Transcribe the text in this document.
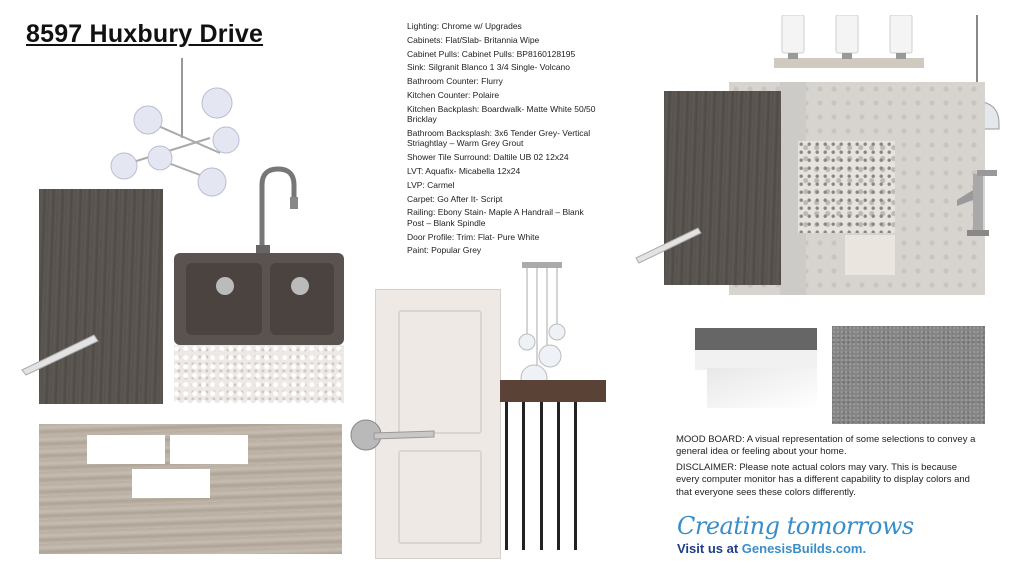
8597 Huxbury Drive	Lighting: Chrome w/ Upgrades
Cabinets: Flat/Slab- Britannia Wipe
Cabinet Pulls: Cabinet Pulls: BP8160128195
Sink: Silgranit Blanco 1 3/4 Single- Volcano
Bathroom Counter: Flurry
Kitchen Counter: Polaire
Kitchen Backplash: Boardwalk- Matte White 50/50 Bricklay
Bathroom Backsplash: 3x6 Tender Grey- Vertical Striaghtlay – Warm Grey Grout
Shower Tile Surround: Daltile UB 02 12x24
LVT: Aquafix- Micabella 12x24
LVP: Carmel
Carpet: Go After It- Script
Railing: Ebony Stain- Maple A Handrail – Blank Post – Blank Spindle
Door Profile: Trim: Flat- Pure White
Paint: Popular Grey

MOOD BOARD: A visual representation of some selections to convey a general idea or feeling about your home.

DISCLAIMER: Please note actual colors may vary. This is because every computer monitor has a different capability to display colors and that everyone sees these colors differently.

Creating tomorrows
Visit us at GenesisBuilds.com.
